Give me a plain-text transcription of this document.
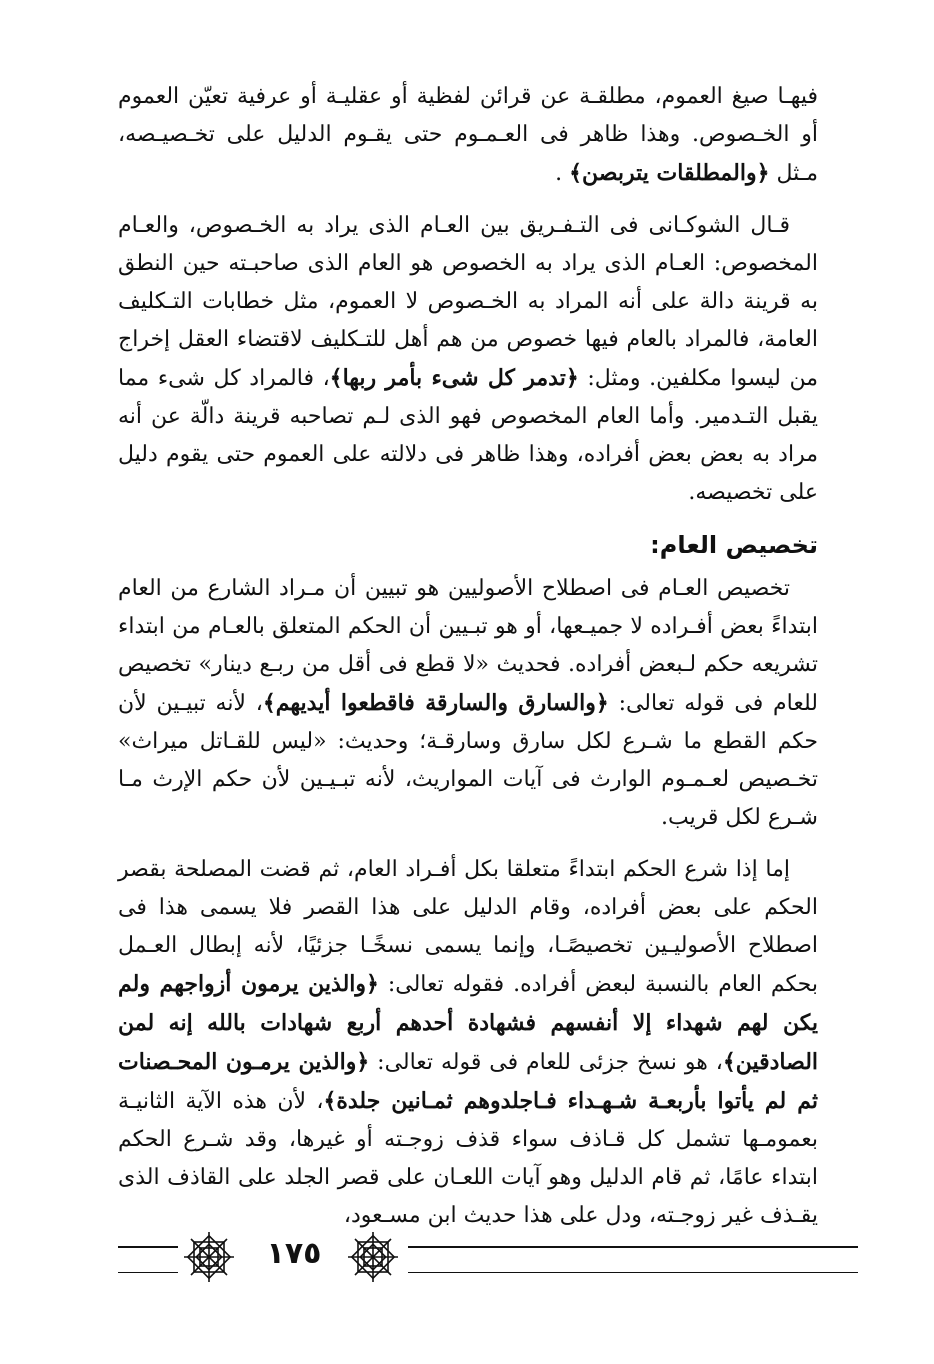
فيهـا صيغ العموم، مطلقـة عن قرائن لفظية أو عقليـة أو عرفية تعيّن العموم أو الخـصوص. وهذا ظاهر فى العـمـوم حتى يقـوم الدليل على تخـصيـصه، مـثل ﴿والمطلقات يتربصن﴾ .

قـال الشوكـانى فى التـفـريق بين العـام الذى يراد به الخـصوص، والعـام المخصوص: العـام الذى يراد به الخصوص هو العام الذى صاحبـته حين النطق به قرينة دالة على أنه المراد به الخـصوص لا العموم، مثل خطابات التـكليف العامة، فالمراد بالعام فيها خصوص من هم أهل للتـكليف لاقتضاء العقل إخراج من ليسوا مكلفين. ومثل: ﴿تدمر كل شىء بأمر ربها﴾، فالمراد كل شىء مما يقبل التـدمير. وأما العام المخصوص فهو الذى لـم تصاحبه قرينة دالّة عن أنه مراد به بعض بعض أفراده، وهذا ظاهر فى دلالته على العموم حتى يقوم دليل على تخصيصه.

تخصيص العام:

تخصيص العـام فى اصطلاح الأصوليين هو تبيين أن مـراد الشارع من العام ابتداءً بعض أفـراده لا جميـعها، أو هو تبـيين أن الحكم المتعلق بالعـام من ابتداء تشريعه حكم لـبعض أفراده. فحديث «لا قطع فى أقل من ربـع دينار» تخصيص للعام فى قوله تعالى: ﴿والسارق والسارقة فاقطعوا أيديهم﴾، لأنه تبيـين لأن حكم القطع ما شـرع لكل سارق وسارقـة؛ وحديث: «ليس للقـاتل ميراث» تخـصيص لعـمـوم الوارث فى آيات المواريث، لأنه تبـيـين لأن حكم الإرث مـا شـرع لكل قريب.

إما إذا شرع الحكم ابتداءً متعلقا بكل أفـراد العام، ثم قضت المصلحة بقصر الحكم على بعض أفراده، وقام الدليل على هذا القصر فلا يسمى هذا فى اصطلاح الأصوليـين تخصيصًـا، وإنما يسمى نسخًـا جزئيًا، لأنه إبطال العـمل بحكم العام بالنسبة لبعض أفراده. فقوله تعالى: ﴿والذين يرمون أزواجهم ولم يكن لهم شهداء إلا أنفسهم فشهادة أحدهم أربع شهادات بالله إنه لمن الصادقين﴾، هو نسخ جزئى للعام فى قوله تعالى: ﴿والذين يرمـون المحـصنات ثم لم يأتوا بأربعـة شـهـداء فـاجلدوهم ثمـانين جلدة﴾، لأن هذه الآية الثانيـة بعمومـها تشمل كل قـاذف سواء قذف زوجـته أو غيرها، وقد شـرع الحكم ابتداء عامًا، ثم قام الدليل وهو آيات اللعـان على قصر الجلد على القاذف الذى يقـذف غير زوجـته، ودل على هذا حديث ابن مسـعود،

١٧٥
